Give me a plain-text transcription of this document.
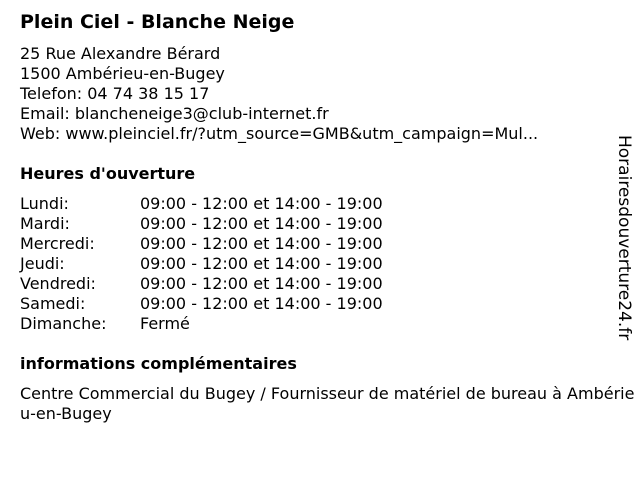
Plein Ciel - Blanche Neige
25 Rue Alexandre Bérard
1500 Ambérieu-en-Bugey
Telefon: 04 74 38 15 17
Email: blancheneige3@club-internet.fr
Web: www.pleinciel.fr/?utm_source=GMB&utm_campaign=Mul...
Heures d'ouverture
Lundi:	09:00 - 12:00 et 14:00 - 19:00
Mardi:	09:00 - 12:00 et 14:00 - 19:00
Mercredi:	09:00 - 12:00 et 14:00 - 19:00
Jeudi:	09:00 - 12:00 et 14:00 - 19:00
Vendredi:	09:00 - 12:00 et 14:00 - 19:00
Samedi:	09:00 - 12:00 et 14:00 - 19:00
Dimanche: Fermé
informations complémentaires
Centre Commercial du Bugey / Fournisseur de matériel de bureau à Ambérieu-en-Bugey
Horairesdouverture24.fr
